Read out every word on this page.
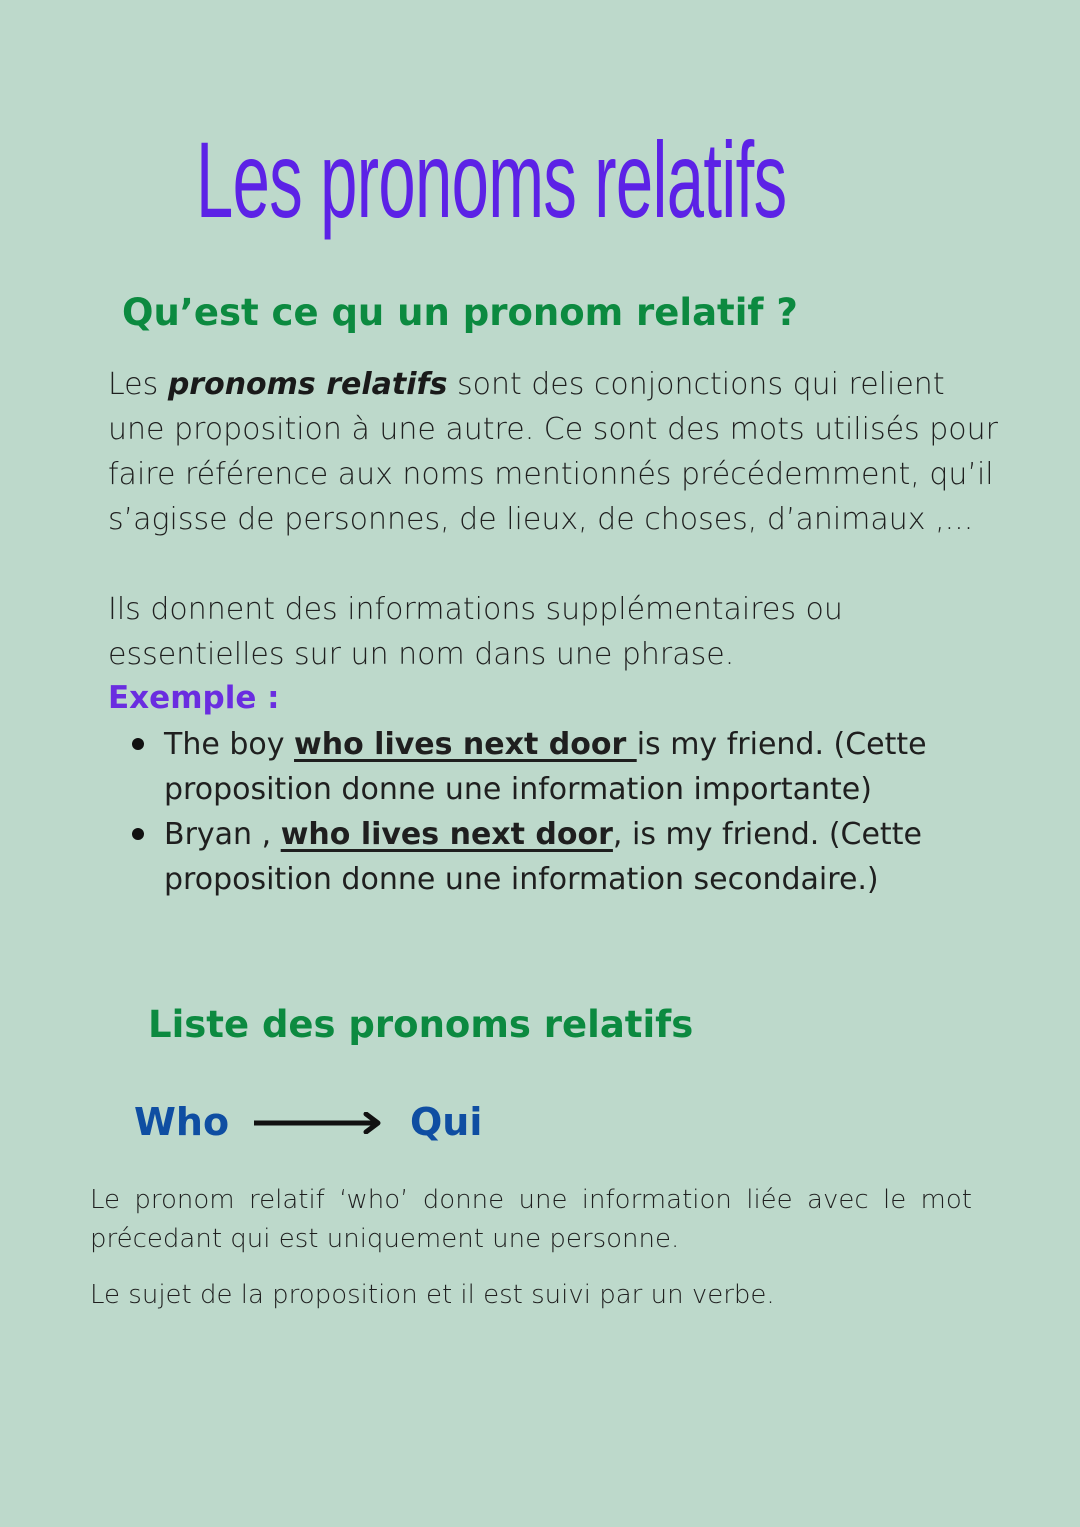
Les pronoms relatifs
Qu’est ce qu un pronom relatif ?

Les pronoms relatifs sont des conjonctions qui relient une proposition à une autre. Ce sont des mots utilisés pour faire référence aux noms mentionnés précédemment, qu’il s’agisse de personnes, de lieux, de choses, d’animaux ,...

Ils donnent des informations supplémentaires ou essentielles sur un nom dans une phrase.

Exemple :

The boy who lives next door is my friend. (Cette proposition donne une information importante)
Bryan , who lives next door, is my friend. (Cette proposition donne une information secondaire.)
Liste des pronoms relatifs
Who	Qui

Le pronom relatif ‘who’ donne une information liée avec le mot précedant qui est uniquement une personne.

Le sujet de la proposition et il est suivi par un verbe.
